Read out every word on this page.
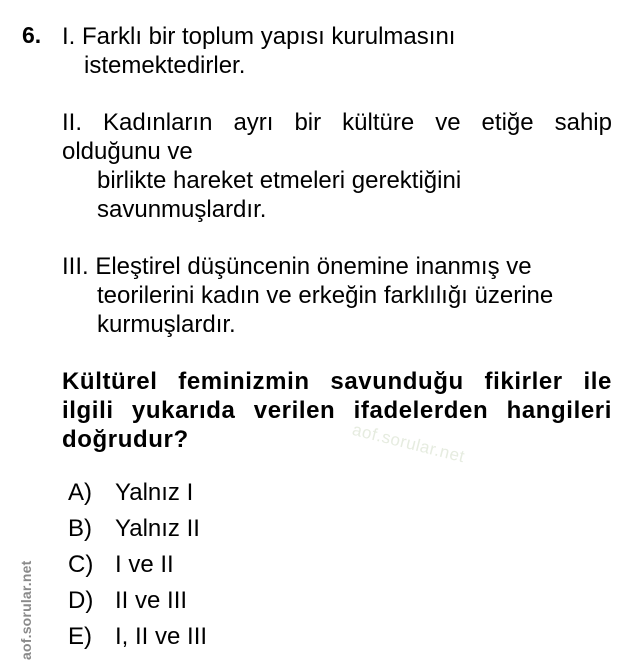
6. I. Farklı bir toplum yapısı kurulmasını
istemektedirler.
II. Kadınların ayrı bir kültüre ve etiğe sahip
olduğunu ve
birlikte hareket etmeleri gerektiğini
savunmuşlardır.
III. Eleştirel düşüncenin önemine inanmış ve
teorilerini kadın ve erkeğin farklılığı üzerine
kurmuşlardır.
Kültürel feminizmin savunduğu fikirler ile
ilgili yukarıda verilen ifadelerden hangileri
doğrudur?
A) Yalnız I
B) Yalnız II
C) I ve II
D) II ve III
E) I, II ve III
aof.sorular.net
aof.sorular.net
